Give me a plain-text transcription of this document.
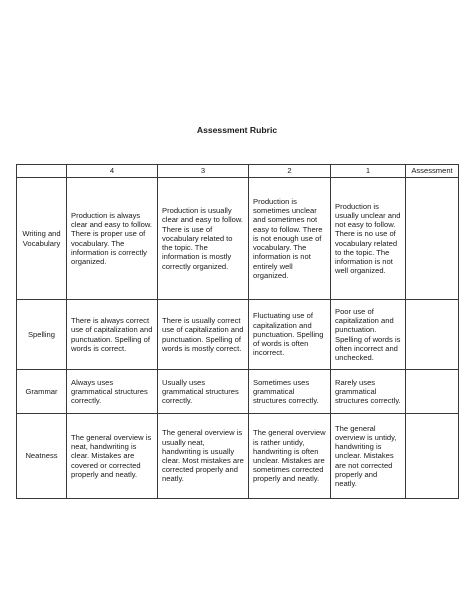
Assessment Rubric
	4	3	2	1	Assessment
Writing and Vocabulary	Production is always clear and easy to follow. There is proper use of vocabulary. The information is correctly organized.	Production is usually clear and easy to follow. There is use of vocabulary related to the topic. The information is mostly correctly organized.	Production is sometimes unclear and sometimes not easy to follow. There is not enough use of vocabulary. The information is not entirely well organized.	Production is usually unclear and not easy to follow. There is no use of vocabulary related to the topic. The information is not well organized.	
Spelling	There is always correct use of capitalization and punctuation. Spelling of words is correct.	There is usually correct use of capitalization and punctuation. Spelling of words is mostly correct.	Fluctuating use of capitalization and punctuation. Spelling of words is often incorrect.	Poor use of capitalization and punctuation. Spelling of words is often incorrect and unchecked.	
Grammar	Always uses grammatical structures correctly.	Usually uses grammatical structures correctly.	Sometimes uses grammatical structures correctly.	Rarely uses grammatical structures correctly.	
Neatness	The general overview is neat, handwriting is clear. Mistakes are covered or corrected properly and neatly.	The general overview is usually neat, handwriting is usually clear. Most mistakes are corrected properly and neatly.	The general overview is rather untidy, handwriting is often unclear. Mistakes are sometimes corrected properly and neatly.	The general overview is untidy, handwriting is unclear. Mistakes are not corrected properly and neatly.	
